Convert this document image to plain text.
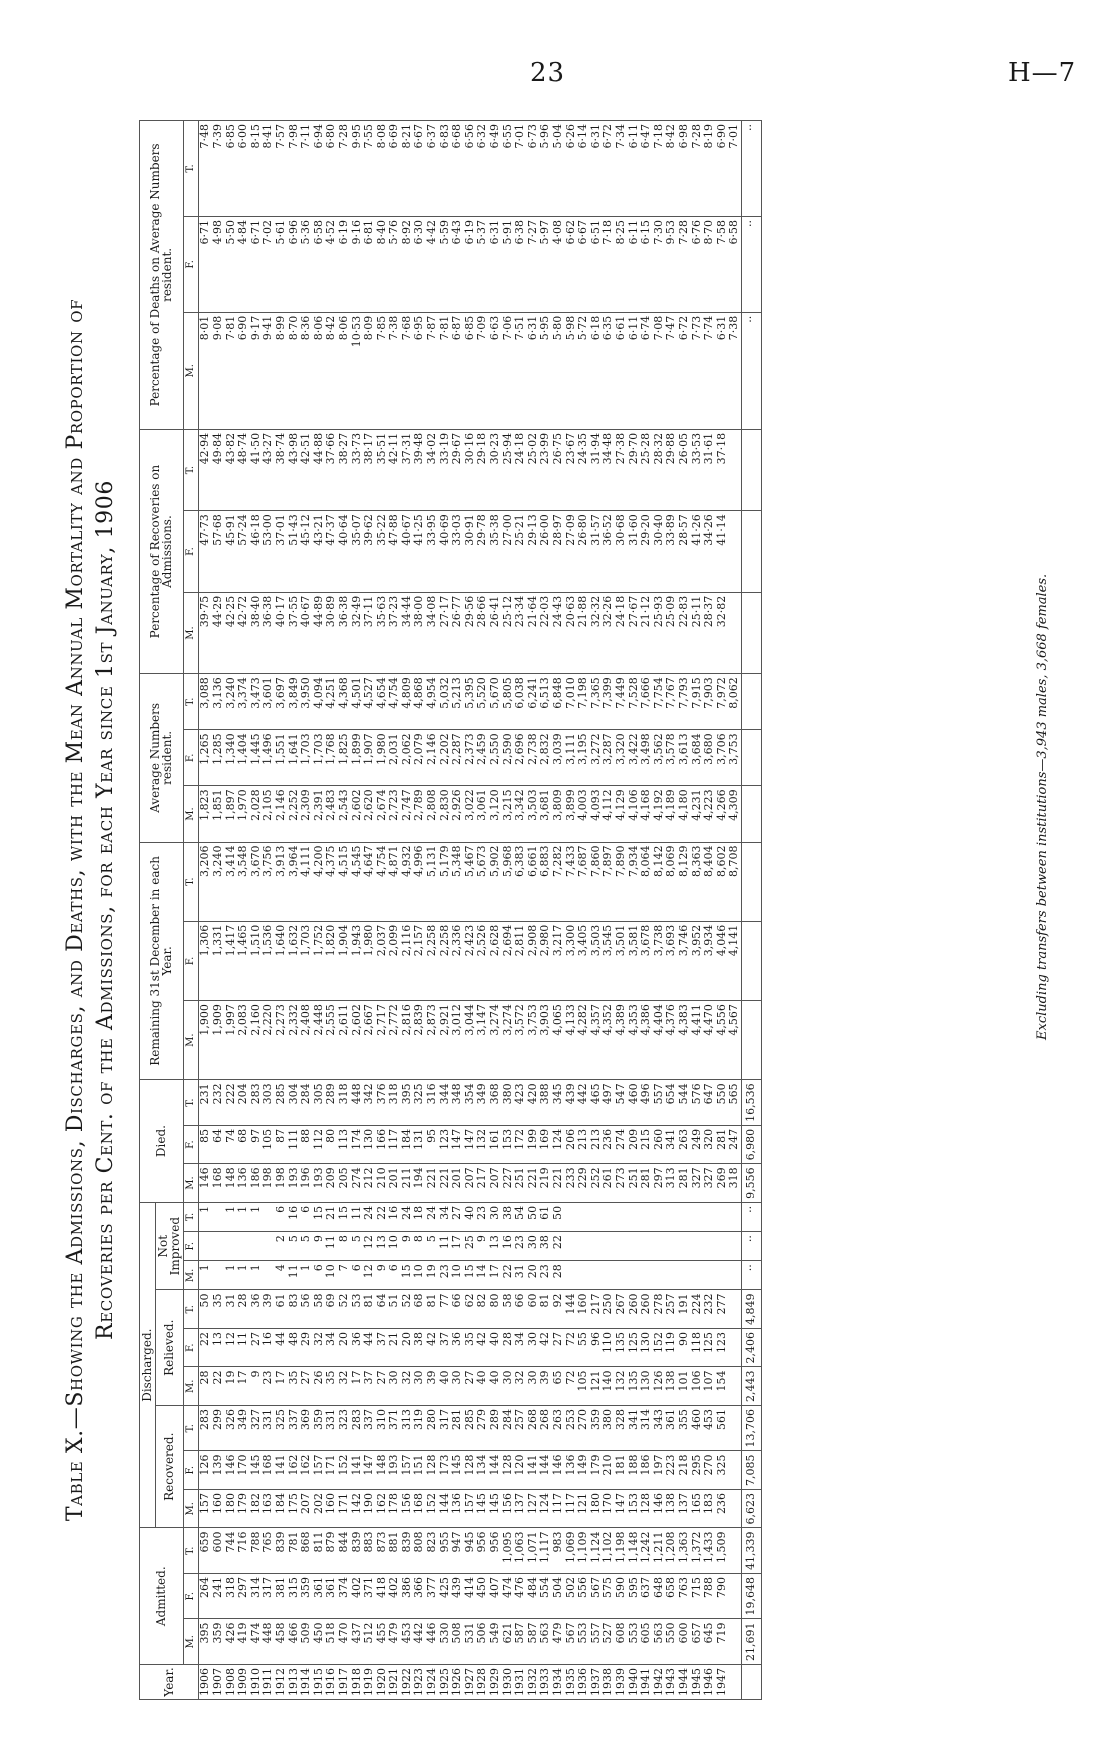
23	H—7
Table X.—Showing the Admissions, Discharges, and Deaths, with the Mean Annual Mortality and Proportion of Recoveries per Cent. of the Admissions, for each Year since 1st January, 1906
Year.	Admitted.			Discharged.									Died.			Remaining 31st December in each Year.			Average Numbers resident.			Percentage of Recoveries on Admissions.			Percentage of Deaths on Average Numbers resident.		
				Recovered.			Relieved.			Not Improved																	
	M.	F.	T.	M.	F.	T.	M.	F.	T.	M.	F.	T.	M.	F.	T.	M.	F.	T.	M.	F.	T.	M.	F.	T.	M.	F.	T.
1906	395	264	659	157	126	283	28	22	50	1		1	146	85	231	1,900	1,306	3,206	1,823	1,265	3,088	39·75	47·73	42·94	8·01	6·71	7·48
1907	359	241	600	160	139	299	22	13	35				168	64	232	1,909	1,331	3,240	1,851	1,285	3,136	44·29	57·68	49·84	9·08	4·98	7·39
1908	426	318	744	180	146	326	19	12	31	1		1	148	74	222	1,997	1,417	3,414	1,897	1,340	3,240	42·25	45·91	43·82	7·81	5·50	6·85
1909	419	297	716	179	170	349	17	11	28	1		1	136	68	204	2,083	1,465	3,548	1,970	1,404	3,374	42·72	57·24	48·74	6·90	4·84	6·00
1910	474	314	788	182	145	327	9	27	36	1		1	186	97	283	2,160	1,510	3,670	2,028	1,445	3,473	38·40	46·18	41·50	9·17	6·71	8·15
1911	448	317	765	163	168	331	23	16	39				198	105	303	2,220	1,536	3,756	2,105	1,496	3,601	36·38	53·00	43·27	9·41	7·02	8·41
1912	458	381	839	184	141	325	17	44	61	4	2	6	198	87	285	2,273	1,640	3,913	2,146	1,551	3,697	40·17	37·01	38·74	8·99	5·61	7·57
1913	466	315	781	175	162	337	35	48	83	11	5	16	193	111	304	2,332	1,632	3,964	2,252	1,641	3,849	37·55	51·43	43·98	8·70	6·96	7·98
1914	509	359	868	207	162	369	27	29	56	1	5	6	196	88	284	2,408	1,703	4,111	2,309	1,703	3,950	40·67	45·12	42·51	8·36	5·36	7·11
1915	450	361	811	202	157	359	26	32	58	6	9	15	193	112	305	2,448	1,752	4,200	2,391	1,703	4,094	44·89	43·21	44·88	8·06	6·58	6·94
1916	518	361	879	160	171	331	35	34	69	10	11	21	209	80	289	2,555	1,820	4,375	2,483	1,768	4,251	30·89	47·37	37·66	8·42	4·52	6·80
1917	470	374	844	171	152	323	32	20	52	7	8	15	205	113	318	2,611	1,904	4,515	2,543	1,825	4,368	36·38	40·64	38·27	8·06	6·19	7·28
1918	437	402	839	142	141	283	17	36	53	6	5	11	274	174	448	2,602	1,943	4,545	2,602	1,899	4,501	32·49	35·07	33·73	10·53	9·16	9·95
1919	512	371	883	190	147	337	37	44	81	12	12	24	212	130	342	2,667	1,980	4,647	2,620	1,907	4,527	37·11	39·62	38·17	8·09	6·81	7·55
1920	455	418	873	162	148	310	27	37	64	9	13	22	210	166	376	2,717	2,037	4,754	2,674	1,980	4,654	35·63	35·22	35·51	7·85	8·40	8·08
1921	479	402	881	178	193	371	30	21	51	6	10	16	201	117	318	2,772	2,099	4,871	2,723	2,031	4,754	37·23	47·88	42·11	7·38	5·76	6·69
1922	453	386	839	156	157	313	32	20	52	15	9	24	211	184	395	2,816	2,116	4,932	2,747	2,062	4,809	34·44	40·67	37·31	7·68	8·92	8·21
1923	442	366	808	168	151	319	30	38	68	10	8	18	194	131	325	2,839	2,157	4,996	2,789	2,079	4,868	38·00	41·25	39·48	6·95	6·30	6·67
1924	446	377	823	152	128	280	39	42	81	19	5	24	221	95	316	2,873	2,258	5,131	2,808	2,146	4,954	34·08	33·95	34·02	7·87	4·42	6·37
1925	530	425	955	144	173	317	40	37	77	23	11	34	221	123	344	2,921	2,258	5,179	2,830	2,202	5,032	27·17	40·69	33·19	7·81	5·59	6·83
1926	508	439	947	136	145	281	30	36	66	10	17	27	201	147	348	3,012	2,336	5,348	2,926	2,287	5,213	26·77	33·03	29·67	6·87	6·43	6·68
1927	531	414	945	157	128	285	27	35	62	15	25	40	207	147	354	3,044	2,423	5,467	3,022	2,373	5,395	29·56	30·91	30·16	6·85	6·19	6·56
1928	506	450	956	145	134	279	40	42	82	14	9	23	217	132	349	3,147	2,526	5,673	3,061	2,459	5,520	28·66	29·78	29·18	7·09	5·37	6·32
1929	549	407	956	145	144	289	40	40	80	17	13	30	207	161	368	3,274	2,628	5,902	3,120	2,550	5,670	26·41	35·38	30·23	6·63	6·31	6·49
1930	621	474	1,095	156	128	284	30	28	58	22	16	38	227	153	380	3,274	2,694	5,968	3,215	2,590	5,805	25·12	27·00	25·94	7·06	5·91	6·55
1931	587	476	1,063	137	120	257	32	34	66	31	23	54	251	172	423	3,572	2,811	6,383	3,342	2,696	6,038	23·34	25·21	24·18	7·51	6·38	7·01
1932	587	484	1,071	127	141	268	30	30	60	20	30	50	221	199	420	3,753	2,908	6,661	3,503	2,738	6,241	21·64	29·13	25·02	6·31	7·27	6·73
1933	563	554	1,117	124	144	268	39	42	81	23	38	61	219	169	388	3,903	2,980	6,883	3,681	2,832	6,513	22·03	26·00	23·99	5·95	5·97	5·96
1934	479	504	983	117	146	263	65	27	92	28	22	50	221	124	345	4,065	3,217	7,282	3,809	3,039	6,848	24·43	28·97	26·75	5·80	4·08	5·04
1935	567	502	1,069	117	136	253	72	72	144				233	206	439	4,133	3,300	7,433	3,899	3,111	7,010	20·63	27·09	23·67	5·98	6·62	6·26
1936	553	556	1,109	121	149	270	105	55	160				229	213	442	4,282	3,405	7,687	4,003	3,195	7,198	21·88	26·80	24·35	5·72	6·67	6·14
1937	557	567	1,124	180	179	359	121	96	217				252	213	465	4,357	3,503	7,860	4,093	3,272	7,365	32·32	31·57	31·94	6·18	6·51	6·31
1938	527	575	1,102	170	210	380	140	110	250				261	236	497	4,352	3,545	7,897	4,112	3,287	7,399	32·26	36·52	34·48	6·35	7·18	6·72
1939	608	590	1,198	147	181	328	132	135	267				273	274	547	4,389	3,501	7,890	4,129	3,320	7,449	24·18	30·68	27·38	6·61	8·25	7·34
1940	553	595	1,148	153	188	341	135	125	260				251	209	460	4,353	3,581	7,934	4,106	3,422	7,528	27·67	31·60	29·70	6·11	6·11	6·11
1941	605	637	1,242	128	186	314	130	130	260				281	215	496	4,386	3,678	8,064	4,168	3,498	7,666	21·12	29·20	25·28	6·74	6·15	6·47
1942	563	648	1,211	146	197	343	126	152	278				297	260	557	4,404	3,738	8,142	4,192	3,562	7,754	25·93	30·40	28·32	7·08	7·30	7·18
1943	550	658	1,208	138	223	361	138	119	257				313	341	654	4,376	3,693	8,069	4,189	3,578	7,767	25·09	33·89	29·88	7·47	9·53	8·42
1944	600	763	1,363	137	218	355	101	90	191				281	263	544	4,383	3,746	8,129	4,180	3,613	7,793	22·83	28·57	26·05	6·72	7·28	6·98
1945	657	715	1,372	165	295	460	106	118	224				327	249	576	4,411	3,952	8,363	4,231	3,684	7,915	25·11	41·26	33·53	7·73	6·76	7·28
1946	645	788	1,433	183	270	453	107	125	232				327	320	647	4,470	3,934	8,404	4,223	3,680	7,903	28·37	34·26	31·61	7·74	8·70	8·19
1947	719	790	1,509	236	325	561	154	123	277				269	281	550	4,556	4,046	8,602	4,266	3,706	7,972	32·82	41·14	37·18	6·31	7·58	6·90
													318	247	565	4,567	4,141	8,708	4,309	3,753	8,062				7·38	6·58	7·01
	21,691	19,648	41,339	6,623	7,085	13,706	2,443	2,406	4,849	··	··	··	9,556	6,980	16,536										··	··	··
Excluding transfers between institutions—3,943 males, 3,668 females.
